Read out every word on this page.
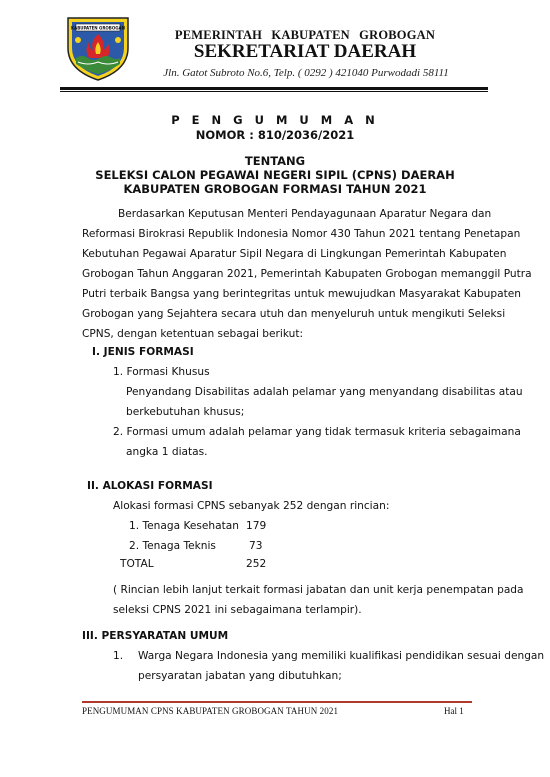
KABUPATEN GROBOGAN	PEMERINTAH KABUPATEN GROBOGAN
SEKRETARIAT DAERAH
Jln. Gatot Subroto No.6, Telp. ( 0292 ) 421040 Purwodadi 58111
P E N G U M U M A N
NOMOR : 810/2036/2021
TENTANG
SELEKSI CALON PEGAWAI NEGERI SIPIL (CPNS) DAERAH
KABUPATEN GROBOGAN FORMASI TAHUN 2021
Berdasarkan Keputusan Menteri Pendayagunaan Aparatur Negara dan
Reformasi Birokrasi Republik Indonesia Nomor 430 Tahun 2021 tentang Penetapan
Kebutuhan Pegawai Aparatur Sipil Negara di Lingkungan Pemerintah Kabupaten
Grobogan Tahun Anggaran 2021, Pemerintah Kabupaten Grobogan memanggil Putra
Putri terbaik Bangsa yang berintegritas untuk mewujudkan Masyarakat Kabupaten
Grobogan yang Sejahtera secara utuh dan menyeluruh untuk mengikuti Seleksi
CPNS, dengan ketentuan sebagai berikut:
I. JENIS FORMASI
1. Formasi Khusus
Penyandang Disabilitas adalah pelamar yang menyandang disabilitas atau
berkebutuhan khusus;
2. Formasi umum adalah pelamar yang tidak termasuk kriteria sebagaimana
angka 1 diatas.
II. ALOKASI FORMASI
Alokasi formasi CPNS sebanyak 252 dengan rincian:
1. Tenaga Kesehatan 179
2. Tenaga Teknis	73
TOTAL	252
( Rincian lebih lanjut terkait formasi jabatan dan unit kerja penempatan pada
seleksi CPNS 2021 ini sebagaimana terlampir).
III. PERSYARATAN UMUM
1. Warga Negara Indonesia yang memiliki kualifikasi pendidikan sesuai dengan
persyaratan jabatan yang dibutuhkan;
PENGUMUMAN CPNS KABUPATEN GROBOGAN TAHUN 2021	Hal 1
